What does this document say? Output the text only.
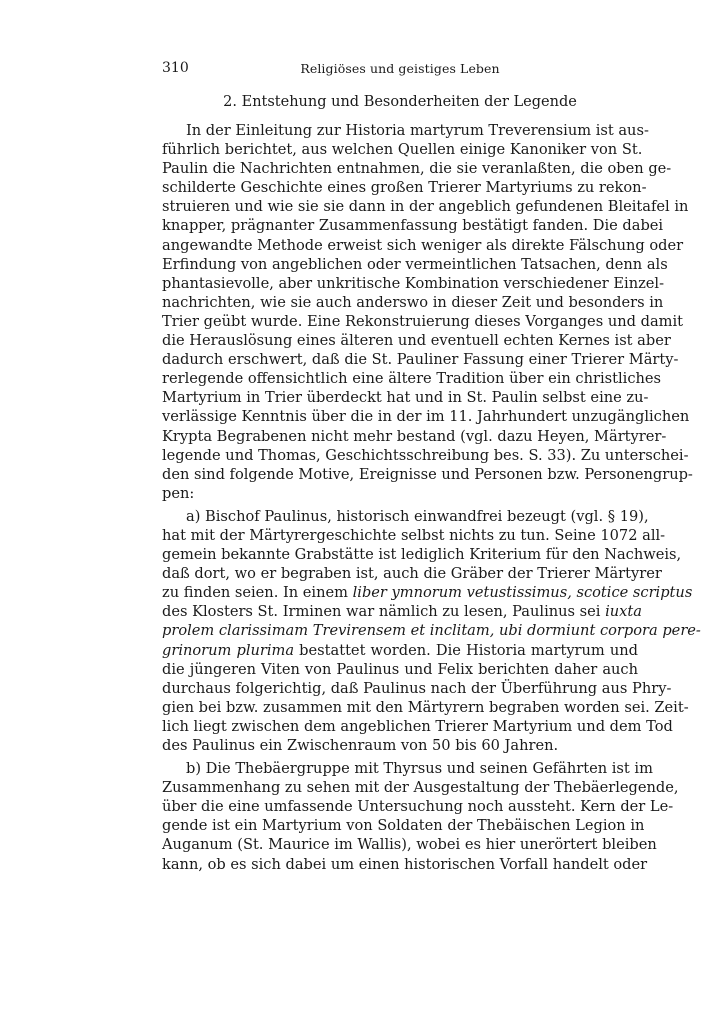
310	Religiöses und geistiges Leben
2. Entstehung und Besonderheiten der Legende

In der Einleitung zur Historia martyrum Treverensium ist aus-
führlich berichtet, aus welchen Quellen einige Kanoniker von St.
Paulin die Nachrichten entnahmen, die sie veranlaßten, die oben ge-
schilderte Geschichte eines großen Trierer Martyriums zu rekon-
struieren und wie sie sie dann in der angeblich gefundenen Bleitafel in
knapper, prägnanter Zusammenfassung bestätigt fanden. Die dabei
angewandte Methode erweist sich weniger als direkte Fälschung oder
Erfindung von angeblichen oder vermeintlichen Tatsachen, denn als
phantasievolle, aber unkritische Kombination verschiedener Einzel-
nachrichten, wie sie auch anderswo in dieser Zeit und besonders in
Trier geübt wurde. Eine Rekonstruierung dieses Vorganges und damit
die Herauslösung eines älteren und eventuell echten Kernes ist aber
dadurch erschwert, daß die St. Pauliner Fassung einer Trierer Märty-
rerlegende offensichtlich eine ältere Tradition über ein christliches
Martyrium in Trier überdeckt hat und in St. Paulin selbst eine zu-
verlässige Kenntnis über die in der im 11. Jahrhundert unzugänglichen
Krypta Begrabenen nicht mehr bestand (vgl. dazu Heyen, Märtyrer-
legende und Thomas, Geschichtsschreibung bes. S. 33). Zu unterschei-
den sind folgende Motive, Ereignisse und Personen bzw. Personengrup-
pen:

a) Bischof Paulinus, historisch einwandfrei bezeugt (vgl. § 19),
hat mit der Märtyrergeschichte selbst nichts zu tun. Seine 1072 all-
gemein bekannte Grabstätte ist lediglich Kriterium für den Nachweis,
daß dort, wo er begraben ist, auch die Gräber der Trierer Märtyrer
zu finden seien. In einem liber ymnorum vetustissimus, scotice scriptus
des Klosters St. Irminen war nämlich zu lesen, Paulinus sei iuxta
prolem clarissimam Trevirensem et inclitam, ubi dormiunt corpora pere-
grinorum plurima bestattet worden. Die Historia martyrum und
die jüngeren Viten von Paulinus und Felix berichten daher auch
durchaus folgerichtig, daß Paulinus nach der Überführung aus Phry-
gien bei bzw. zusammen mit den Märtyrern begraben worden sei. Zeit-
lich liegt zwischen dem angeblichen Trierer Martyrium und dem Tod
des Paulinus ein Zwischenraum von 50 bis 60 Jahren.

b) Die Thebäergruppe mit Thyrsus und seinen Gefährten ist im
Zusammenhang zu sehen mit der Ausgestaltung der Thebäerlegende,
über die eine umfassende Untersuchung noch aussteht. Kern der Le-
gende ist ein Martyrium von Soldaten der Thebäischen Legion in
Auganum (St. Maurice im Wallis), wobei es hier unerörtert bleiben
kann, ob es sich dabei um einen historischen Vorfall handelt oder
